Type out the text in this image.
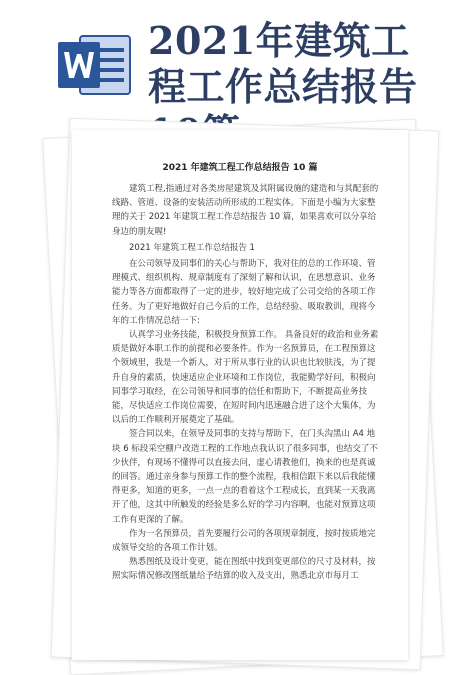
2021年建筑工
程工作总结报告
2021 年建筑工程工作总结报告 10 篇

建筑工程,指通过对各类房屋建筑及其附属设施的建造和与其配套的线路、管道、设备的安装活动所形成的工程实体。下面是小编为大家整理的关于 2021 年建筑工程工作总结报告 10 篇，如果喜欢可以分享给身边的朋友喔!

2021 年建筑工程工作总结报告 1

在公司领导及同事们的关心与帮助下，我对住的总的工作环境、管理模式、组织机构、规章制度有了深刻了解和认识，在思想意识、业务能力等各方面都取得了一定的进步，较好地完成了公司交给的各项工作任务。为了更好地做好自己今后的工作，总结经验、吸取教训，现将今年的工作情况总结一下:

认真学习业务技能，积极投身预算工作。 具备良好的政治和业务素质是做好本职工作的前提和必要条件。作为一名预算员，在工程预算这个领域里，我是一个新人，对于所从事行业的认识也比较肤浅，为了提升自身的素质，快速适应企业环境和工作岗位，我能勤学好问，积极向同事学习取经，在公司领导和同事的信任和帮助下，不断提高业务技能，尽快适应工作岗位需要，在短时间内迅速融合进了这个大集体，为以后的工作顺利开展奠定了基础。

签合同以来，在领导及同事的支持与帮助下，在门头沟黑山 A4 地块 6 标段采空棚户改造工程的工作地点我认识了很多同事，也结交了不少伙伴，有现场不懂得可以直接去问，虚心请教他们，换来的也是真诚的回答。通过亲身参与预算工作的整个流程，我相信跟下来以后我能懂得更多，知道的更多，一点一点的看着这个工程成长，直到某一天我离开了他，这其中所触发的经验是多么好的学习内容啊，也能对预算这项工作有更深的了解。

作为一名预算员，首先要履行公司的各项规章制度，按时按质地完成领导交给的各项工作计划。

熟悉图纸及设计变更，能在图纸中找到变更部位的尺寸及材料，按照实际情况修改图纸量给予结算的收入及支出，熟悉北京市每月工
